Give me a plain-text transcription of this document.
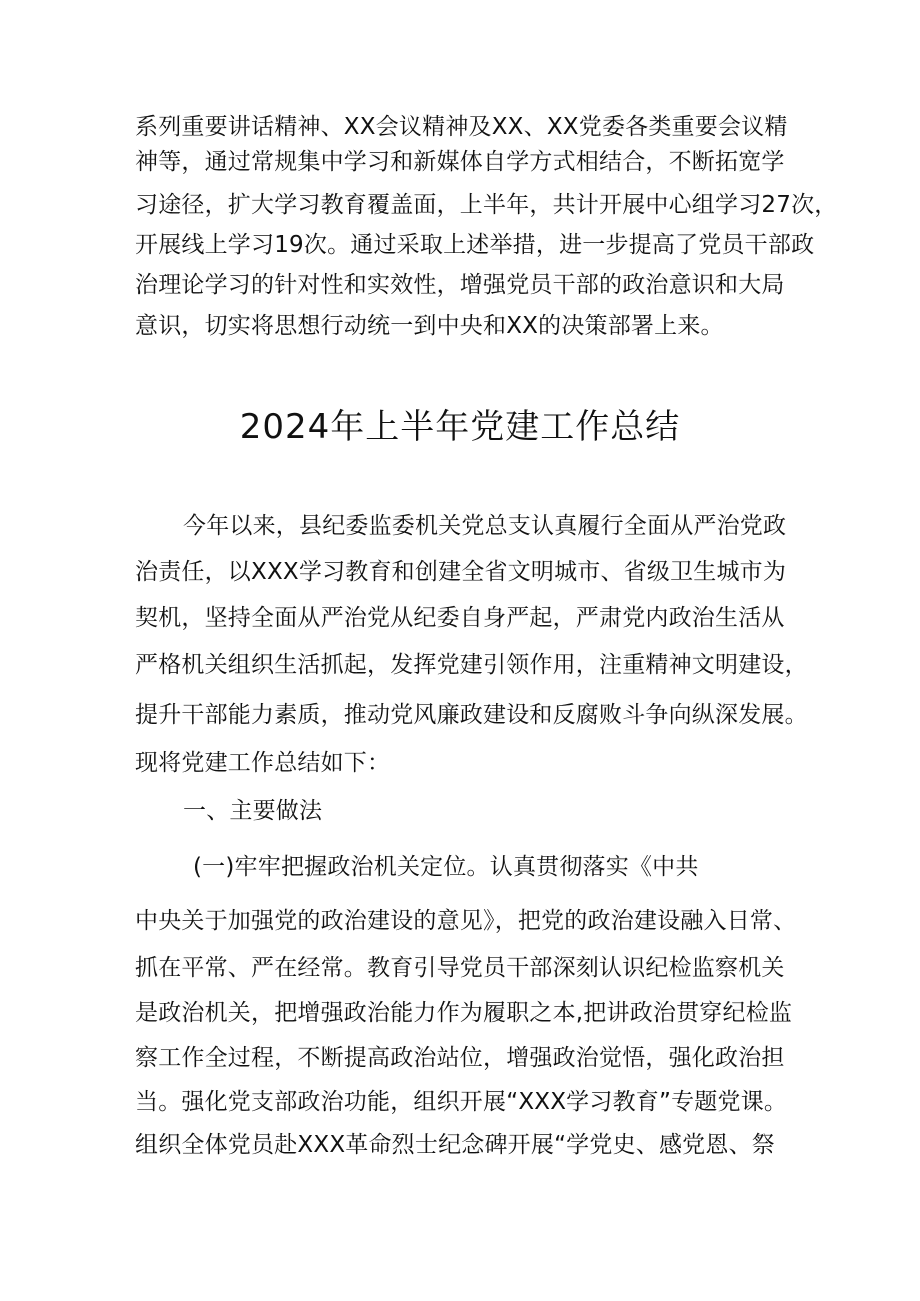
系列重要讲话精神、XX会议精神及XX、XX党委各类重要会议精
神等，通过常规集中学习和新媒体自学方式相结合，不断拓宽学
习途径，扩大学习教育覆盖面，上半年，共计开展中心组学习27次，
开展线上学习19次。通过采取上述举措，进一步提高了党员干部政
治理论学习的针对性和实效性，增强党员干部的政治意识和大局
意识，切实将思想行动统一到中央和XX的决策部署上来。
2024年上半年党建工作总结
今年以来，县纪委监委机关党总支认真履行全面从严治党政
治责任，以XXX学习教育和创建全省文明城市、省级卫生城市为
契机，坚持全面从严治党从纪委自身严起，严肃党内政治生活从
严格机关组织生活抓起，发挥党建引领作用，注重精神文明建设，
提升干部能力素质，推动党风廉政建设和反腐败斗争向纵深发展。
现将党建工作总结如下：
一、主要做法
(一)牢牢把握政治机关定位。认真贯彻落实《中共
中央关于加强党的政治建设的意见》，把党的政治建设融入日常、
抓在平常、严在经常。教育引导党员干部深刻认识纪检监察机关
是政治机关，把增强政治能力作为履职之本,把讲政治贯穿纪检监
察工作全过程，不断提高政治站位，增强政治觉悟，强化政治担
当。强化党支部政治功能，组织开展“XXX学习教育”专题党课。
组织全体党员赴XXX革命烈士纪念碑开展“学党史、感党恩、祭
